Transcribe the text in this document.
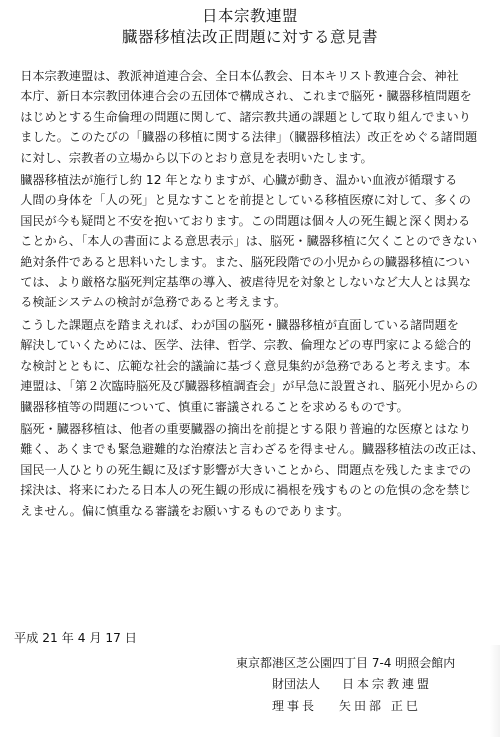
日本宗教連盟
臓器移植法改正問題に対する意見書
日本宗教連盟は、教派神道連合会、全日本仏教会、日本キリスト教連合会、神社
本庁、新日本宗教団体連合会の五団体で構成され、これまで脳死・臓器移植問題を
はじめとする生命倫理の問題に関して、諸宗教共通の課題として取り組んでまいり
ました。このたびの「臓器の移植に関する法律」（臓器移植法）改正をめぐる諸問題
に対し、宗教者の立場から以下のとおり意見を表明いたします。
臓器移植法が施行し約 12 年となりますが、心臓が動き、温かい血液が循環する
人間の身体を「人の死」と見なすことを前提としている移植医療に対して、多くの
国民が今も疑問と不安を抱いております。この問題は個々人の死生観と深く関わる
ことから、「本人の書面による意思表示」は、脳死・臓器移植に欠くことのできない
絶対条件であると思料いたします。また、脳死段階での小児からの臓器移植につい
ては、より厳格な脳死判定基準の導入、被虐待児を対象としないなど大人とは異な
る検証システムの検討が急務であると考えます。
こうした課題点を踏まえれば、わが国の脳死・臓器移植が直面している諸問題を
解決していくためには、医学、法律、哲学、宗教、倫理などの専門家による総合的
な検討とともに、広範な社会的議論に基づく意見集約が急務であると考えます。本
連盟は、「第２次臨時脳死及び臓器移植調査会」が早急に設置され、脳死小児からの
臓器移植等の問題について、慎重に審議されることを求めるものです。
脳死・臓器移植は、他者の重要臓器の摘出を前提とする限り普遍的な医療とはなり
難く、あくまでも緊急避難的な治療法と言わざるを得ません。臓器移植法の改正は、
国民一人ひとりの死生観に及ぼす影響が大きいことから、問題点を残したままでの
採決は、将来にわたる日本人の死生観の形成に禍根を残すものとの危惧の念を禁じ
えません。偏に慎重なる審議をお願いするものであります。
平成 21 年 4 月 17 日
東京都港区芝公園四丁目 7-4 明照会館内
財団法人 日本宗教連盟
理事長 矢田部 正巳
